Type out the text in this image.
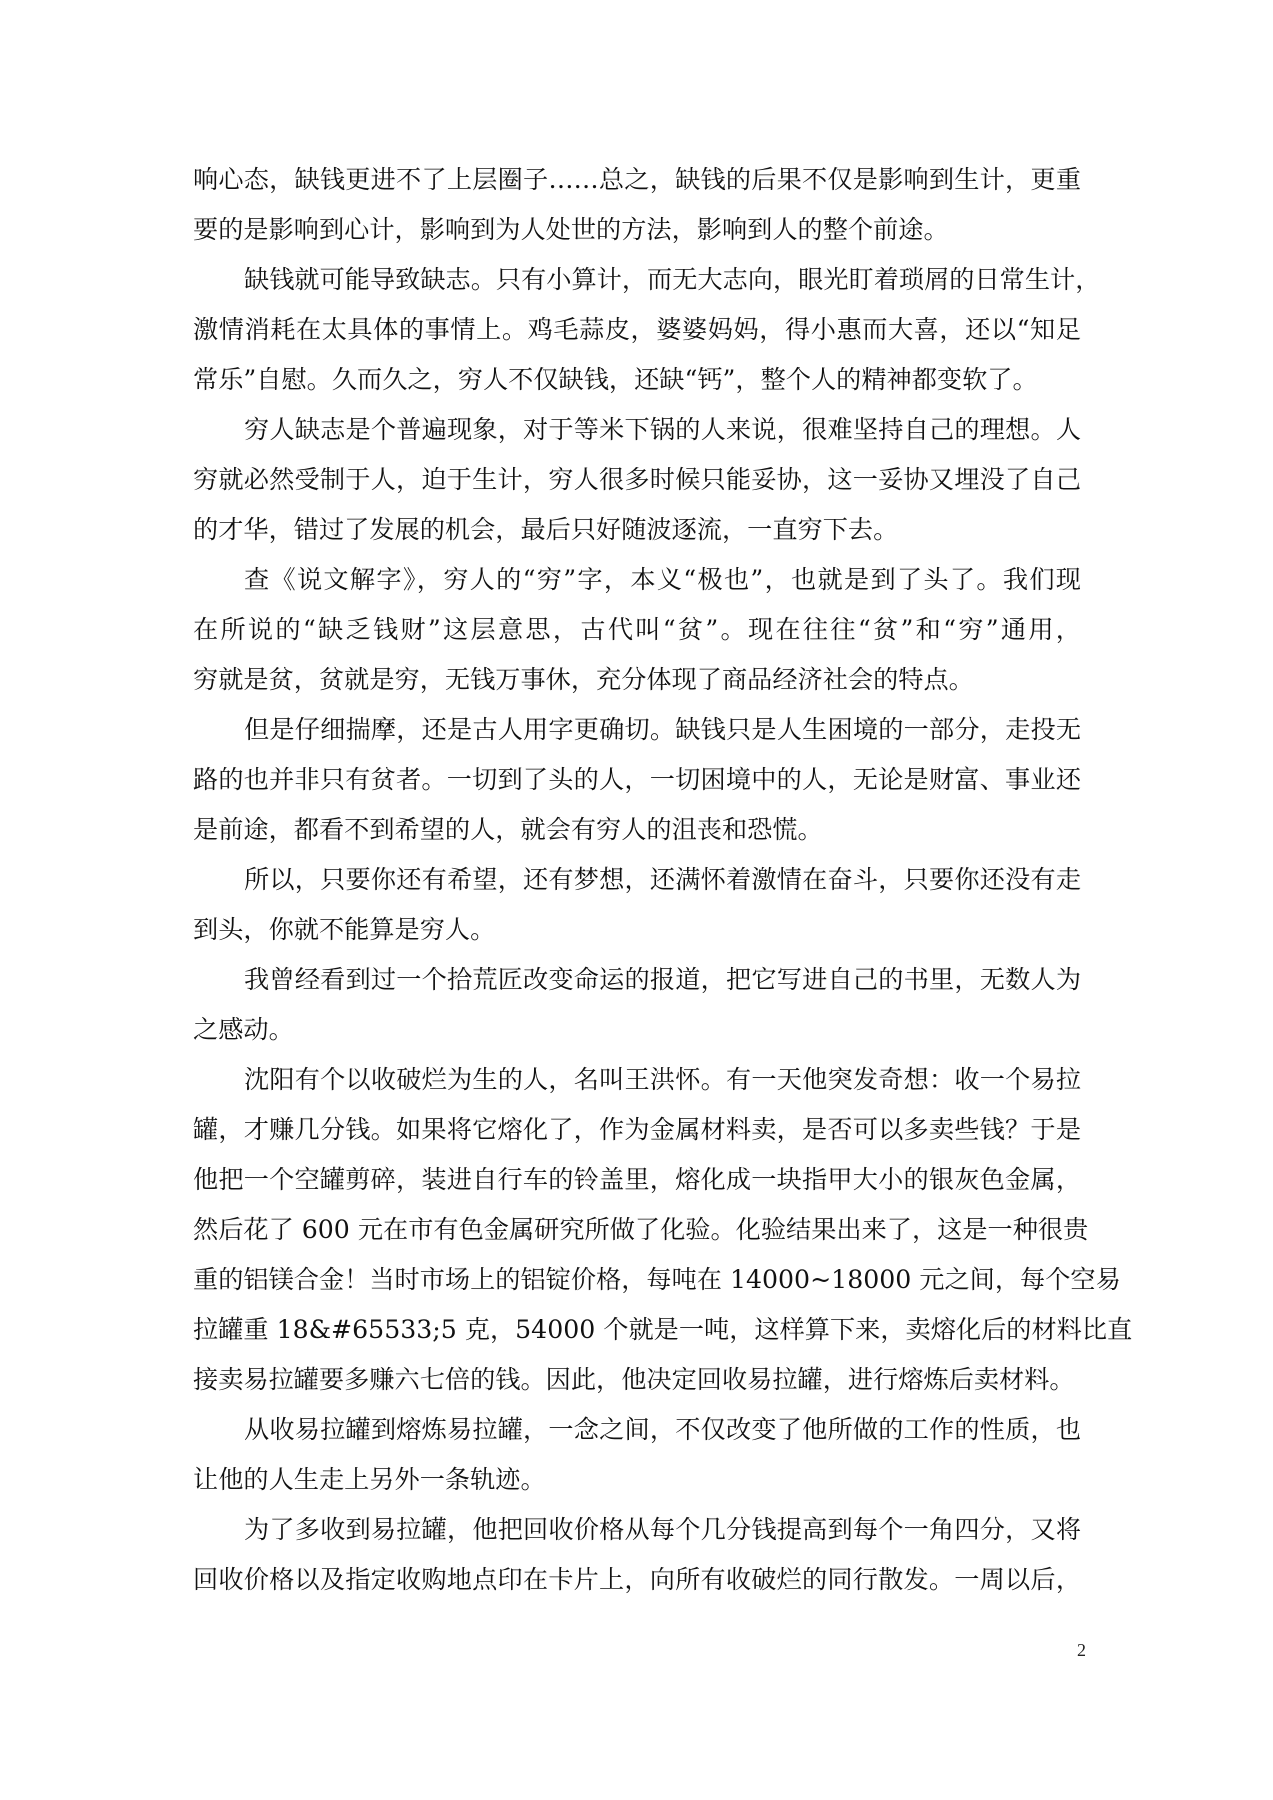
响心态，缺钱更进不了上层圈子……总之，缺钱的后果不仅是影响到生计，更重
要的是影响到心计，影响到为人处世的方法，影响到人的整个前途。
缺钱就可能导致缺志。只有小算计，而无大志向，眼光盯着琐屑的日常生计，
激情消耗在太具体的事情上。鸡毛蒜皮，婆婆妈妈，得小惠而大喜，还以“知足
常乐”自慰。久而久之，穷人不仅缺钱，还缺“钙”，整个人的精神都变软了。
穷人缺志是个普遍现象，对于等米下锅的人来说，很难坚持自己的理想。人
穷就必然受制于人，迫于生计，穷人很多时候只能妥协，这一妥协又埋没了自己
的才华，错过了发展的机会，最后只好随波逐流，一直穷下去。
查《说文解字》，穷人的“穷”字，本义“极也”，也就是到了头了。我们现
在所说的“缺乏钱财”这层意思，古代叫“贫”。现在往往“贫”和“穷”通用，
穷就是贫，贫就是穷，无钱万事休，充分体现了商品经济社会的特点。
但是仔细揣摩，还是古人用字更确切。缺钱只是人生困境的一部分，走投无
路的也并非只有贫者。一切到了头的人，一切困境中的人，无论是财富、事业还
是前途，都看不到希望的人，就会有穷人的沮丧和恐慌。
所以，只要你还有希望，还有梦想，还满怀着激情在奋斗，只要你还没有走
到头，你就不能算是穷人。
我曾经看到过一个拾荒匠改变命运的报道，把它写进自己的书里，无数人为
之感动。
沈阳有个以收破烂为生的人，名叫王洪怀。有一天他突发奇想：收一个易拉
罐，才赚几分钱。如果将它熔化了，作为金属材料卖，是否可以多卖些钱？于是
他把一个空罐剪碎，装进自行车的铃盖里，熔化成一块指甲大小的银灰色金属，
然后花了 600 元在市有色金属研究所做了化验。化验结果出来了，这是一种很贵
重的铝镁合金！当时市场上的铝锭价格，每吨在 14000~18000 元之间，每个空易
拉罐重 18&#65533;5 克，54000 个就是一吨，这样算下来，卖熔化后的材料比直
接卖易拉罐要多赚六七倍的钱。因此，他决定回收易拉罐，进行熔炼后卖材料。
从收易拉罐到熔炼易拉罐，一念之间，不仅改变了他所做的工作的性质，也
让他的人生走上另外一条轨迹。
为了多收到易拉罐，他把回收价格从每个几分钱提高到每个一角四分，又将
回收价格以及指定收购地点印在卡片上，向所有收破烂的同行散发。一周以后，
2
